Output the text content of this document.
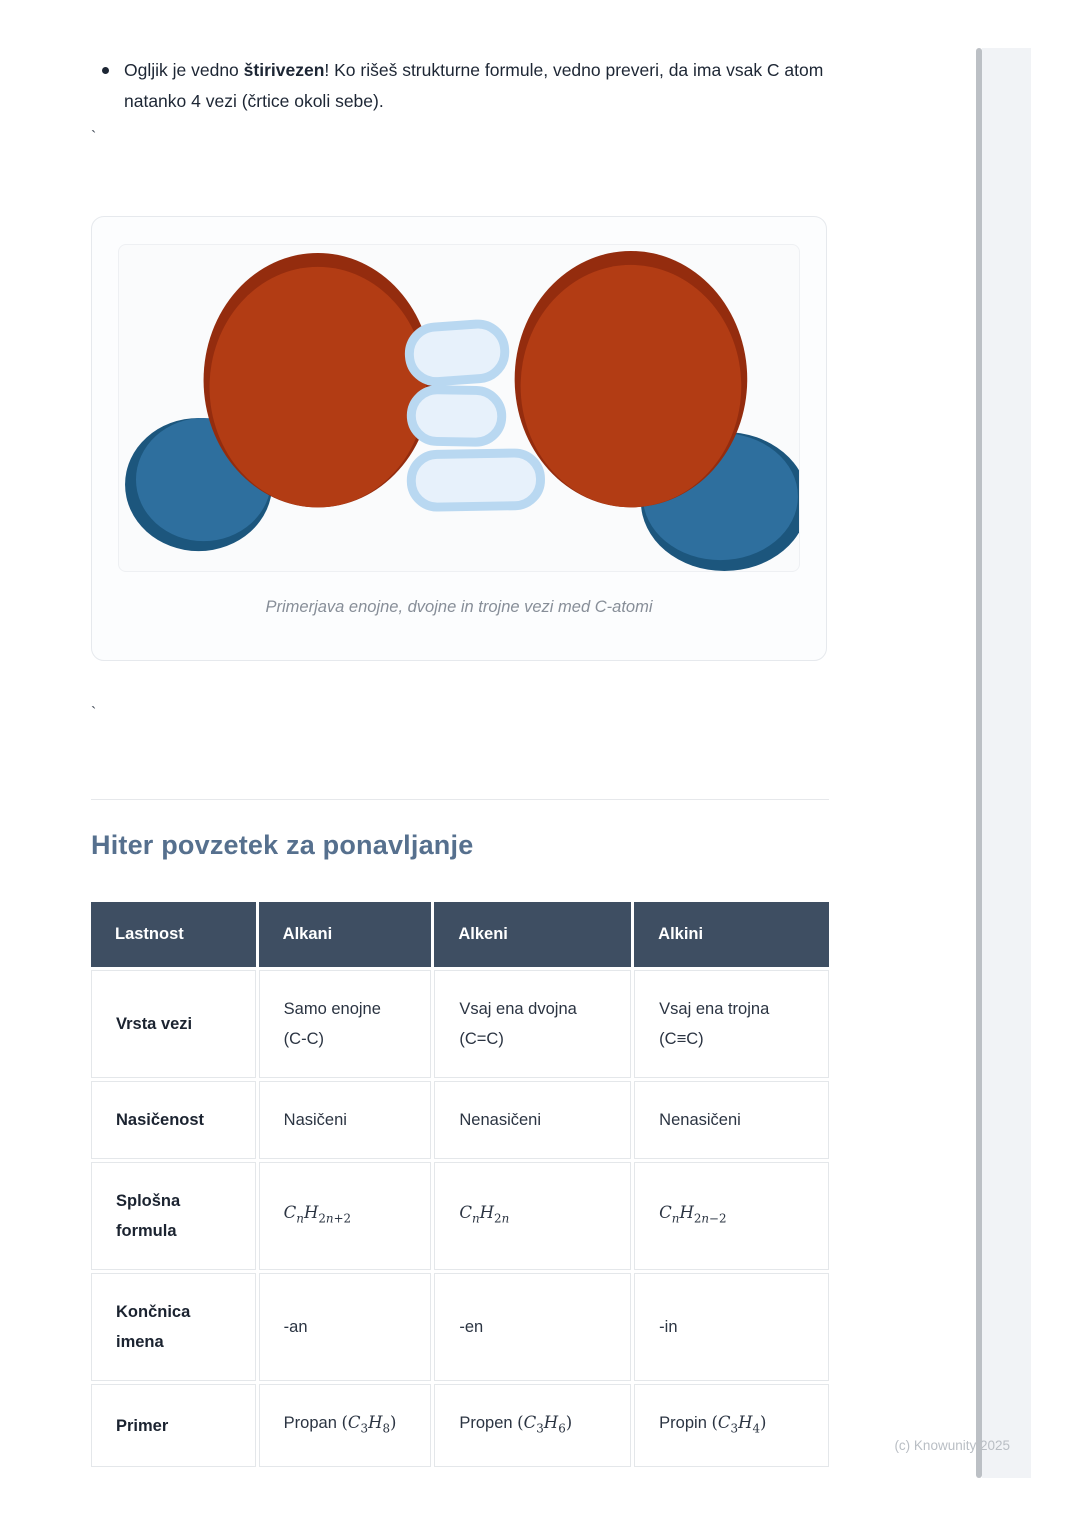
Ogljik je vedno štirivezen! Ko rišeš strukturne formule, vedno preveri, da ima vsak C atom natanko 4 vezi (črtice okoli sebe).
`
Primerjava enojne, dvojne in trojne vezi med C-atomi
`
Hiter povzetek za ponavljanje
Lastnost	Alkani	Alkeni	Alkini
Vrsta vezi	Samo enojne (C-C)	Vsaj ena dvojna (C=C)	Vsaj ena trojna (C≡C)
Nasičenost	Nasičeni	Nenasičeni	Nenasičeni
Splošna formula	$C_nH_{2n+2}$	$C_nH_{2n}$	$C_nH_{2n-2}$
Končnica imena	-an	-en	-in
Primer	Propan $(C_3H_8)$	Propen $(C_3H_6)$	Propin $(C_3H_4)$
(c) Knowunity 2025
